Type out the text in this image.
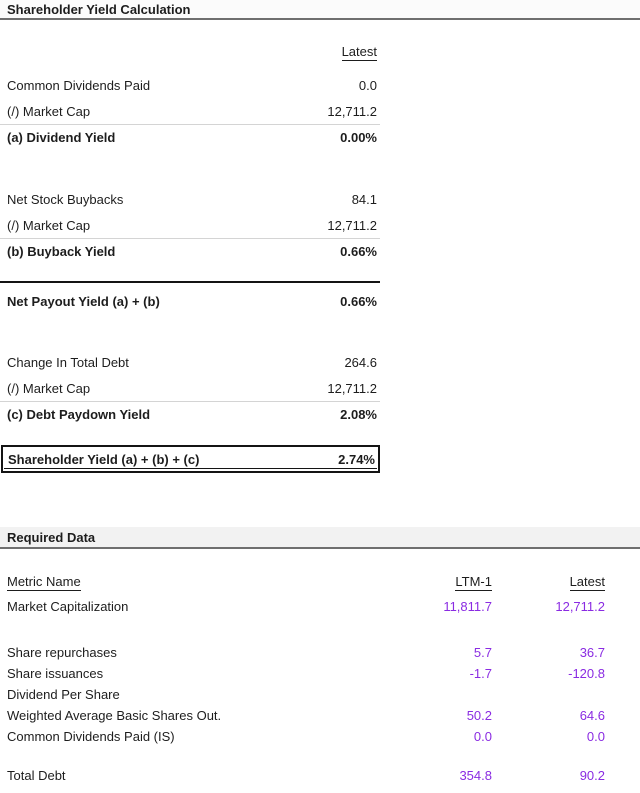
Shareholder Yield Calculation
Latest
Common Dividends Paid	0.0
(/) Market Cap	12,711.2
(a) Dividend Yield	0.00%
Net Stock Buybacks	84.1
(/) Market Cap	12,711.2
(b) Buyback Yield	0.66%
Net Payout Yield (a) + (b)	0.66%
Change In Total Debt	264.6
(/) Market Cap	12,711.2
(c) Debt Paydown Yield	2.08%
Shareholder Yield (a) + (b) + (c)	2.74%
Required Data
Metric Name	LTM-1	Latest
Market Capitalization	11,811.7	12,711.2
Share repurchases	5.7	36.7
Share issuances	-1.7	-120.8
Dividend Per Share
Weighted Average Basic Shares Out.	50.2	64.6
Common Dividends Paid (IS)	0.0	0.0
Total Debt	354.8	90.2
